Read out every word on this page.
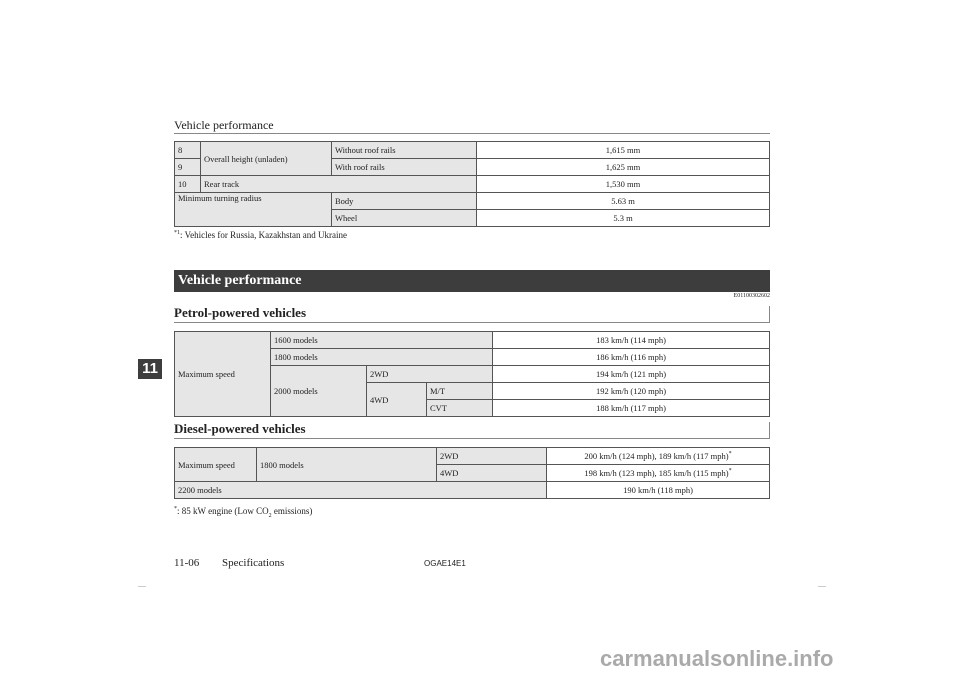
Vehicle performance
8	Overall height (unladen)	Without roof rails	1,615 mm
9		With roof rails	1,625 mm
10	Rear track		1,530 mm
Minimum turning radius		Body	5.63 m
		Wheel	5.3 m
$^{*1}$: Vehicles for Russia, Kazakhstan and Ukraine
Vehicle performance
E01100302602
Petrol-powered vehicles
Maximum speed	1600 models			183 km/h (114 mph)
	1800 models			186 km/h (116 mph)
	2000 models	2WD		194 km/h (121 mph)
		4WD	M/T	192 km/h (120 mph)
			CVT	188 km/h (117 mph)
Diesel-powered vehicles
Maximum speed	1800 models	2WD	200 km/h (124 mph), 189 km/h (117 mph)*
		4WD	198 km/h (123 mph), 185 km/h (115 mph)*
2200 models			190 km/h (118 mph)
*: 85 kW engine (Low $CO_2$ emissions)
11
11-06 Specifications	OGAE14E1
carmanualsonline.info
